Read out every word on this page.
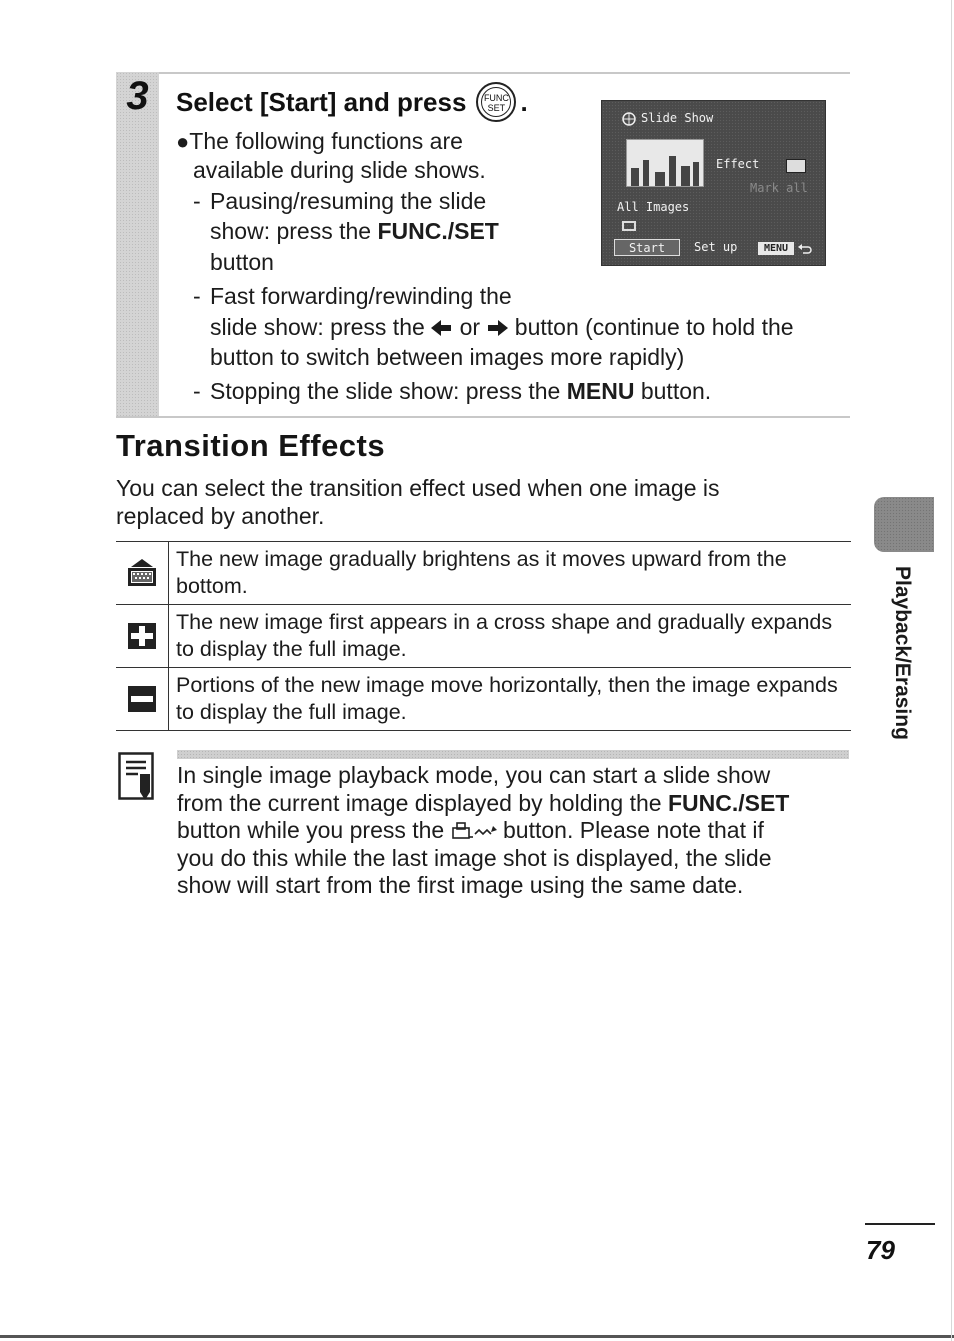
3	Select [Start] and press	FUNC
SET .
●The following functions are
available during slide shows.
- Pausing/resuming the slide
show: press the FUNC./SET
button
- Fast forwarding/rewinding the
slide show: press the or button (continue to hold the
button to switch between images more rapidly)
- Stopping the slide show: press the MENU button.
Slide Show
Effect
Mark all
All Images
Start	Set up	MENU
Transition Effects
You can select the transition effect used when one image is
replaced by another.
The new image gradually brightens as it moves upward from the
bottom.
The new image first appears in a cross shape and gradually expands
to display the full image.
Portions of the new image move horizontally, then the image expands
to display the full image.
In single image playback mode, you can start a slide show
from the current image displayed by holding the FUNC./SET
button while you press the	button. Please note that if
you do this while the last image shot is displayed, the slide
show will start from the first image using the same date.
Playback/Erasing
79
